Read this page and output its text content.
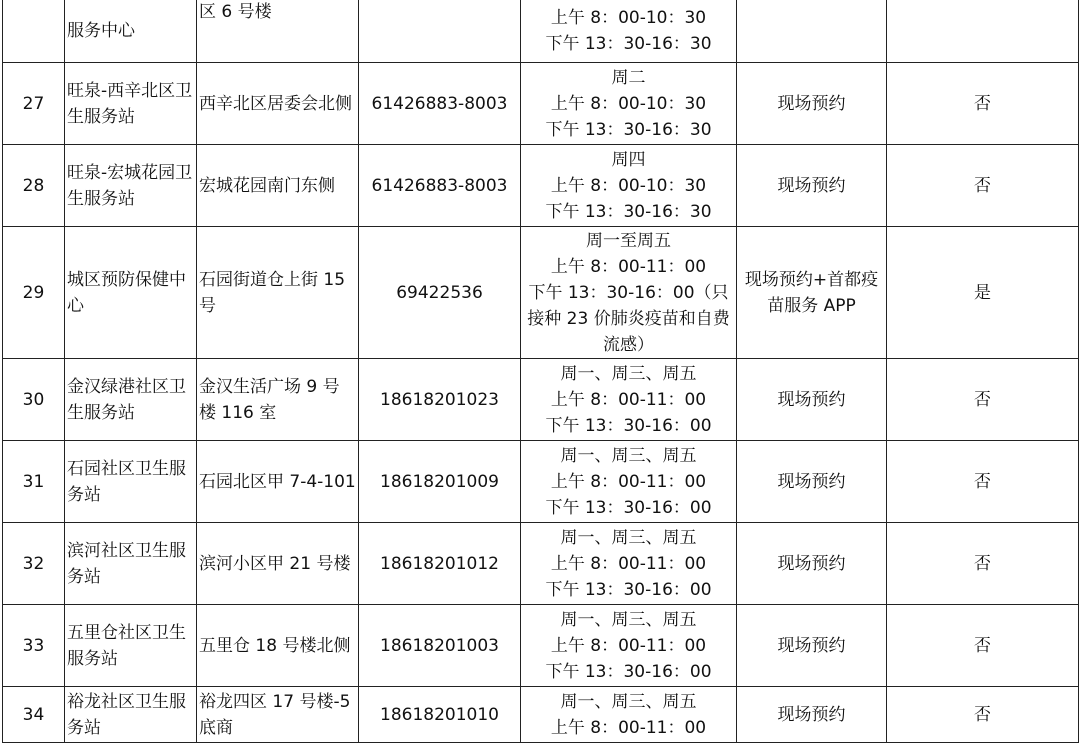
	服务中心	区 6 号楼		上午 8：00-10：30
下午 13：30-16：30		

27	旺泉-西辛北区卫生服务站	西辛北区居委会北侧	61426883-8003	周二
上午 8：00-10：30
下午 13：30-16：30	现场预约	否
28	旺泉-宏城花园卫生服务站	宏城花园南门东侧	61426883-8003	周四
上午 8：00-10：30
下午 13：30-16：30	现场预约	否
29	城区预防保健中心	石园街道仓上街 15 号	69422536	周一至周五
上午 8：00-11：00
下午 13：30-16：00（只接种 23 价肺炎疫苗和自费流感）	现场预约+首都疫苗服务 APP	是
30	金汉绿港社区卫生服务站	金汉生活广场 9 号楼 116 室	18618201023	周一、周三、周五
上午 8：00-11：00
下午 13：30-16：00	现场预约	否
31	石园社区卫生服务站	石园北区甲 7-4-101	18618201009	周一、周三、周五
上午 8：00-11：00
下午 13：30-16：00	现场预约	否
32	滨河社区卫生服务站	滨河小区甲 21 号楼	18618201012	周一、周三、周五
上午 8：00-11：00
下午 13：30-16：00	现场预约	否
33	五里仓社区卫生服务站	五里仓 18 号楼北侧	18618201003	周一、周三、周五
上午 8：00-11：00
下午 13：30-16：00	现场预约	否
34	裕龙社区卫生服务站	裕龙四区 17 号楼-5 底商	18618201010	周一、周三、周五
上午 8：00-11：00	现场预约	否
